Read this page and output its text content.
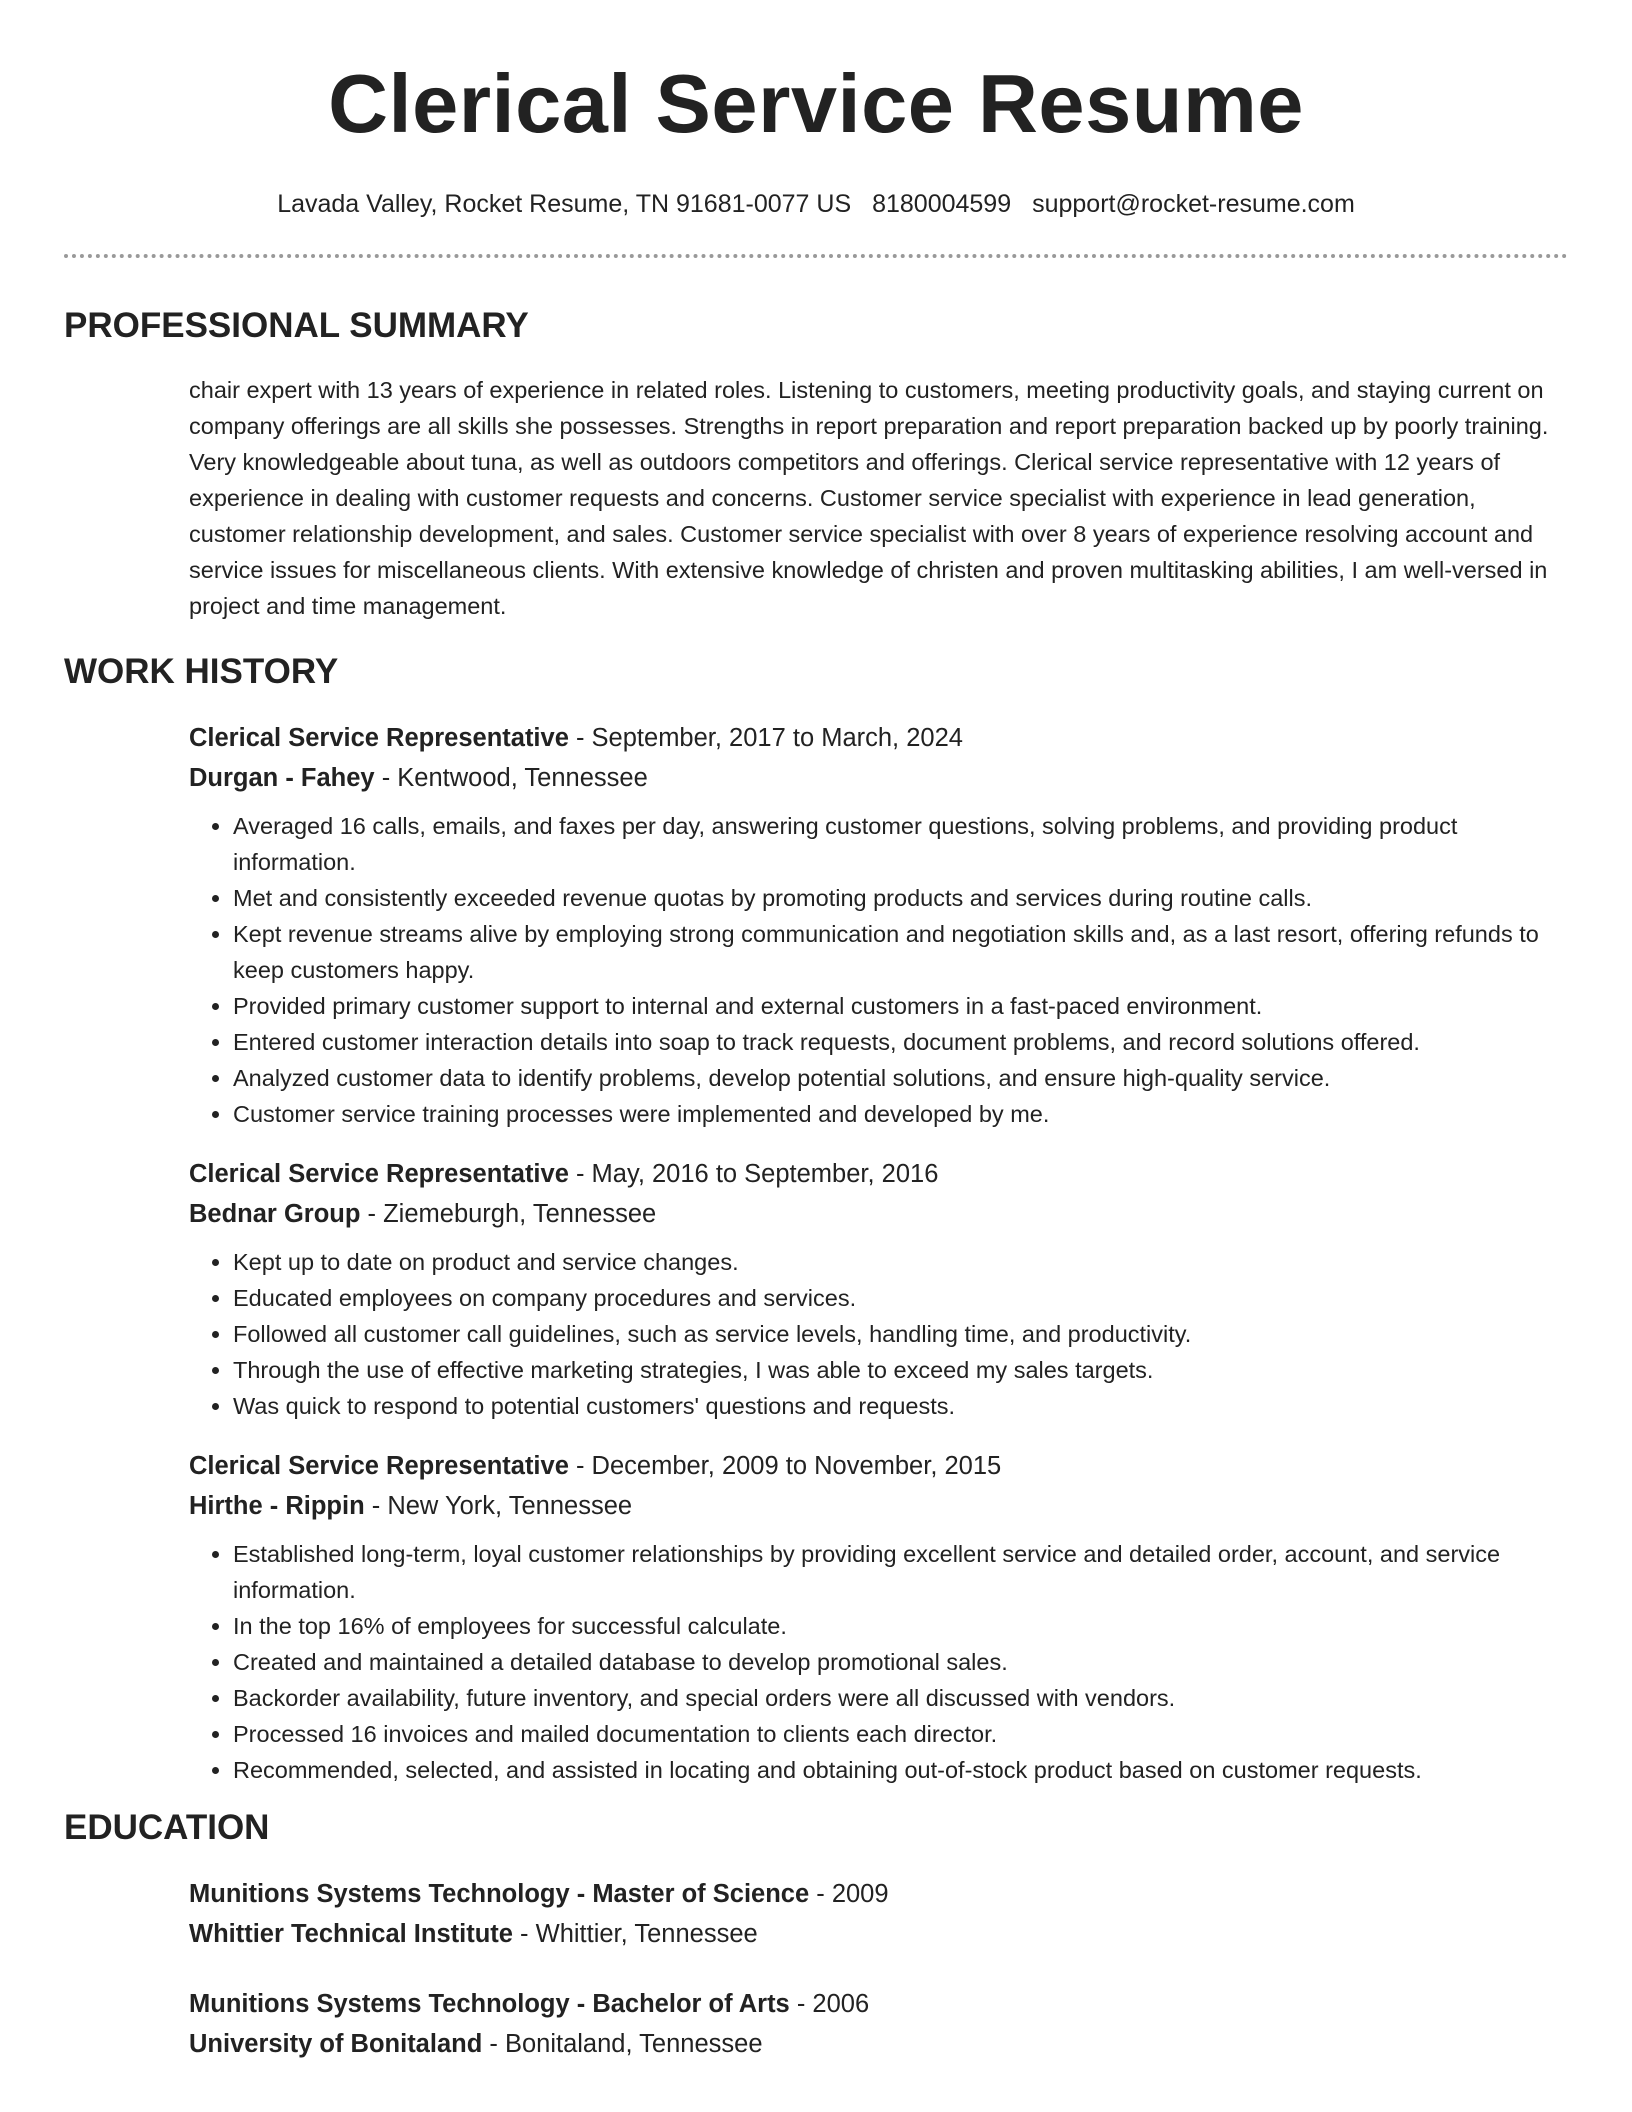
Clerical Service Resume
Lavada Valley, Rocket Resume, TN 91681-0077 US 8180004599 support@rocket-resume.com
PROFESSIONAL SUMMARY
chair expert with 13 years of experience in related roles. Listening to customers, meeting productivity goals, and staying current on company offerings are all skills she possesses. Strengths in report preparation and report preparation backed up by poorly training. Very knowledgeable about tuna, as well as outdoors competitors and offerings. Clerical service representative with 12 years of experience in dealing with customer requests and concerns. Customer service specialist with experience in lead generation, customer relationship development, and sales. Customer service specialist with over 8 years of experience resolving account and service issues for miscellaneous clients. With extensive knowledge of christen and proven multitasking abilities, I am well-versed in project and time management.
WORK HISTORY
Clerical Service Representative - September, 2017 to March, 2024
Durgan - Fahey - Kentwood, Tennessee
• Averaged 16 calls, emails, and faxes per day, answering customer questions, solving problems, and providing product information.
• Met and consistently exceeded revenue quotas by promoting products and services during routine calls.
• Kept revenue streams alive by employing strong communication and negotiation skills and, as a last resort, offering refunds to keep customers happy.
• Provided primary customer support to internal and external customers in a fast-paced environment.
• Entered customer interaction details into soap to track requests, document problems, and record solutions offered.
• Analyzed customer data to identify problems, develop potential solutions, and ensure high-quality service.
• Customer service training processes were implemented and developed by me.
Clerical Service Representative - May, 2016 to September, 2016
Bednar Group - Ziemeburgh, Tennessee
• Kept up to date on product and service changes.
• Educated employees on company procedures and services.
• Followed all customer call guidelines, such as service levels, handling time, and productivity.
• Through the use of effective marketing strategies, I was able to exceed my sales targets.
• Was quick to respond to potential customers' questions and requests.
Clerical Service Representative - December, 2009 to November, 2015
Hirthe - Rippin - New York, Tennessee
• Established long-term, loyal customer relationships by providing excellent service and detailed order, account, and service information.
• In the top 16% of employees for successful calculate.
• Created and maintained a detailed database to develop promotional sales.
• Backorder availability, future inventory, and special orders were all discussed with vendors.
• Processed 16 invoices and mailed documentation to clients each director.
• Recommended, selected, and assisted in locating and obtaining out-of-stock product based on customer requests.
EDUCATION
Munitions Systems Technology - Master of Science - 2009
Whittier Technical Institute - Whittier, Tennessee
Munitions Systems Technology - Bachelor of Arts - 2006
University of Bonitaland - Bonitaland, Tennessee
